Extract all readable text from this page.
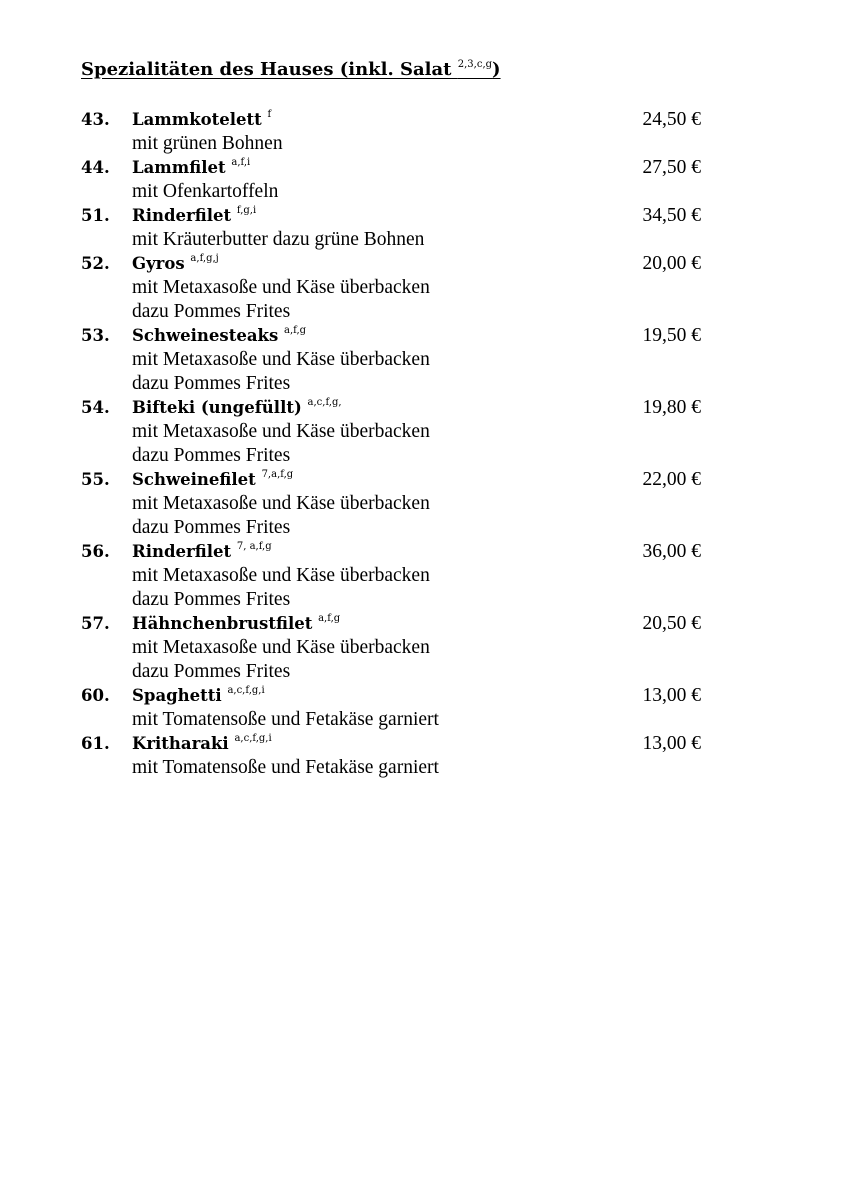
Spezialitäten des Hauses (inkl. Salat $^{2,3,c,g}$)
43. Lammkotelett $^f$	24,50 €
mit grünen Bohnen
44. Lammfilet $^{a,f,i}$	27,50 €
mit Ofenkartoffeln
51. Rinderfilet $^{f,g,i}$	34,50 €
mit Kräuterbutter dazu grüne Bohnen
52. Gyros $^{a,f,g,j}$	20,00 €
mit Metaxasoße und Käse überbacken
dazu Pommes Frites
53. Schweinesteaks $^{a,f,g}$	19,50 €
mit Metaxasoße und Käse überbacken
dazu Pommes Frites
54. Bifteki (ungefüllt) $^{a,c,f,g,}$	19,80 €
mit Metaxasoße und Käse überbacken
dazu Pommes Frites
55. Schweinefilet $^{7,a,f,g}$	22,00 €
mit Metaxasoße und Käse überbacken
dazu Pommes Frites
56. Rinderfilet $^{7, a,f,g}$	36,00 €
mit Metaxasoße und Käse überbacken
dazu Pommes Frites
57. Hähnchenbrustfilet $^{a,f,g}$	20,50 €
mit Metaxasoße und Käse überbacken
dazu Pommes Frites
60. Spaghetti $^{a,c,f,g,i}$	13,00 €
mit Tomatensoße und Fetakäse garniert
61. Kritharaki $^{a,c,f,g,i}$	13,00 €
mit Tomatensoße und Fetakäse garniert
